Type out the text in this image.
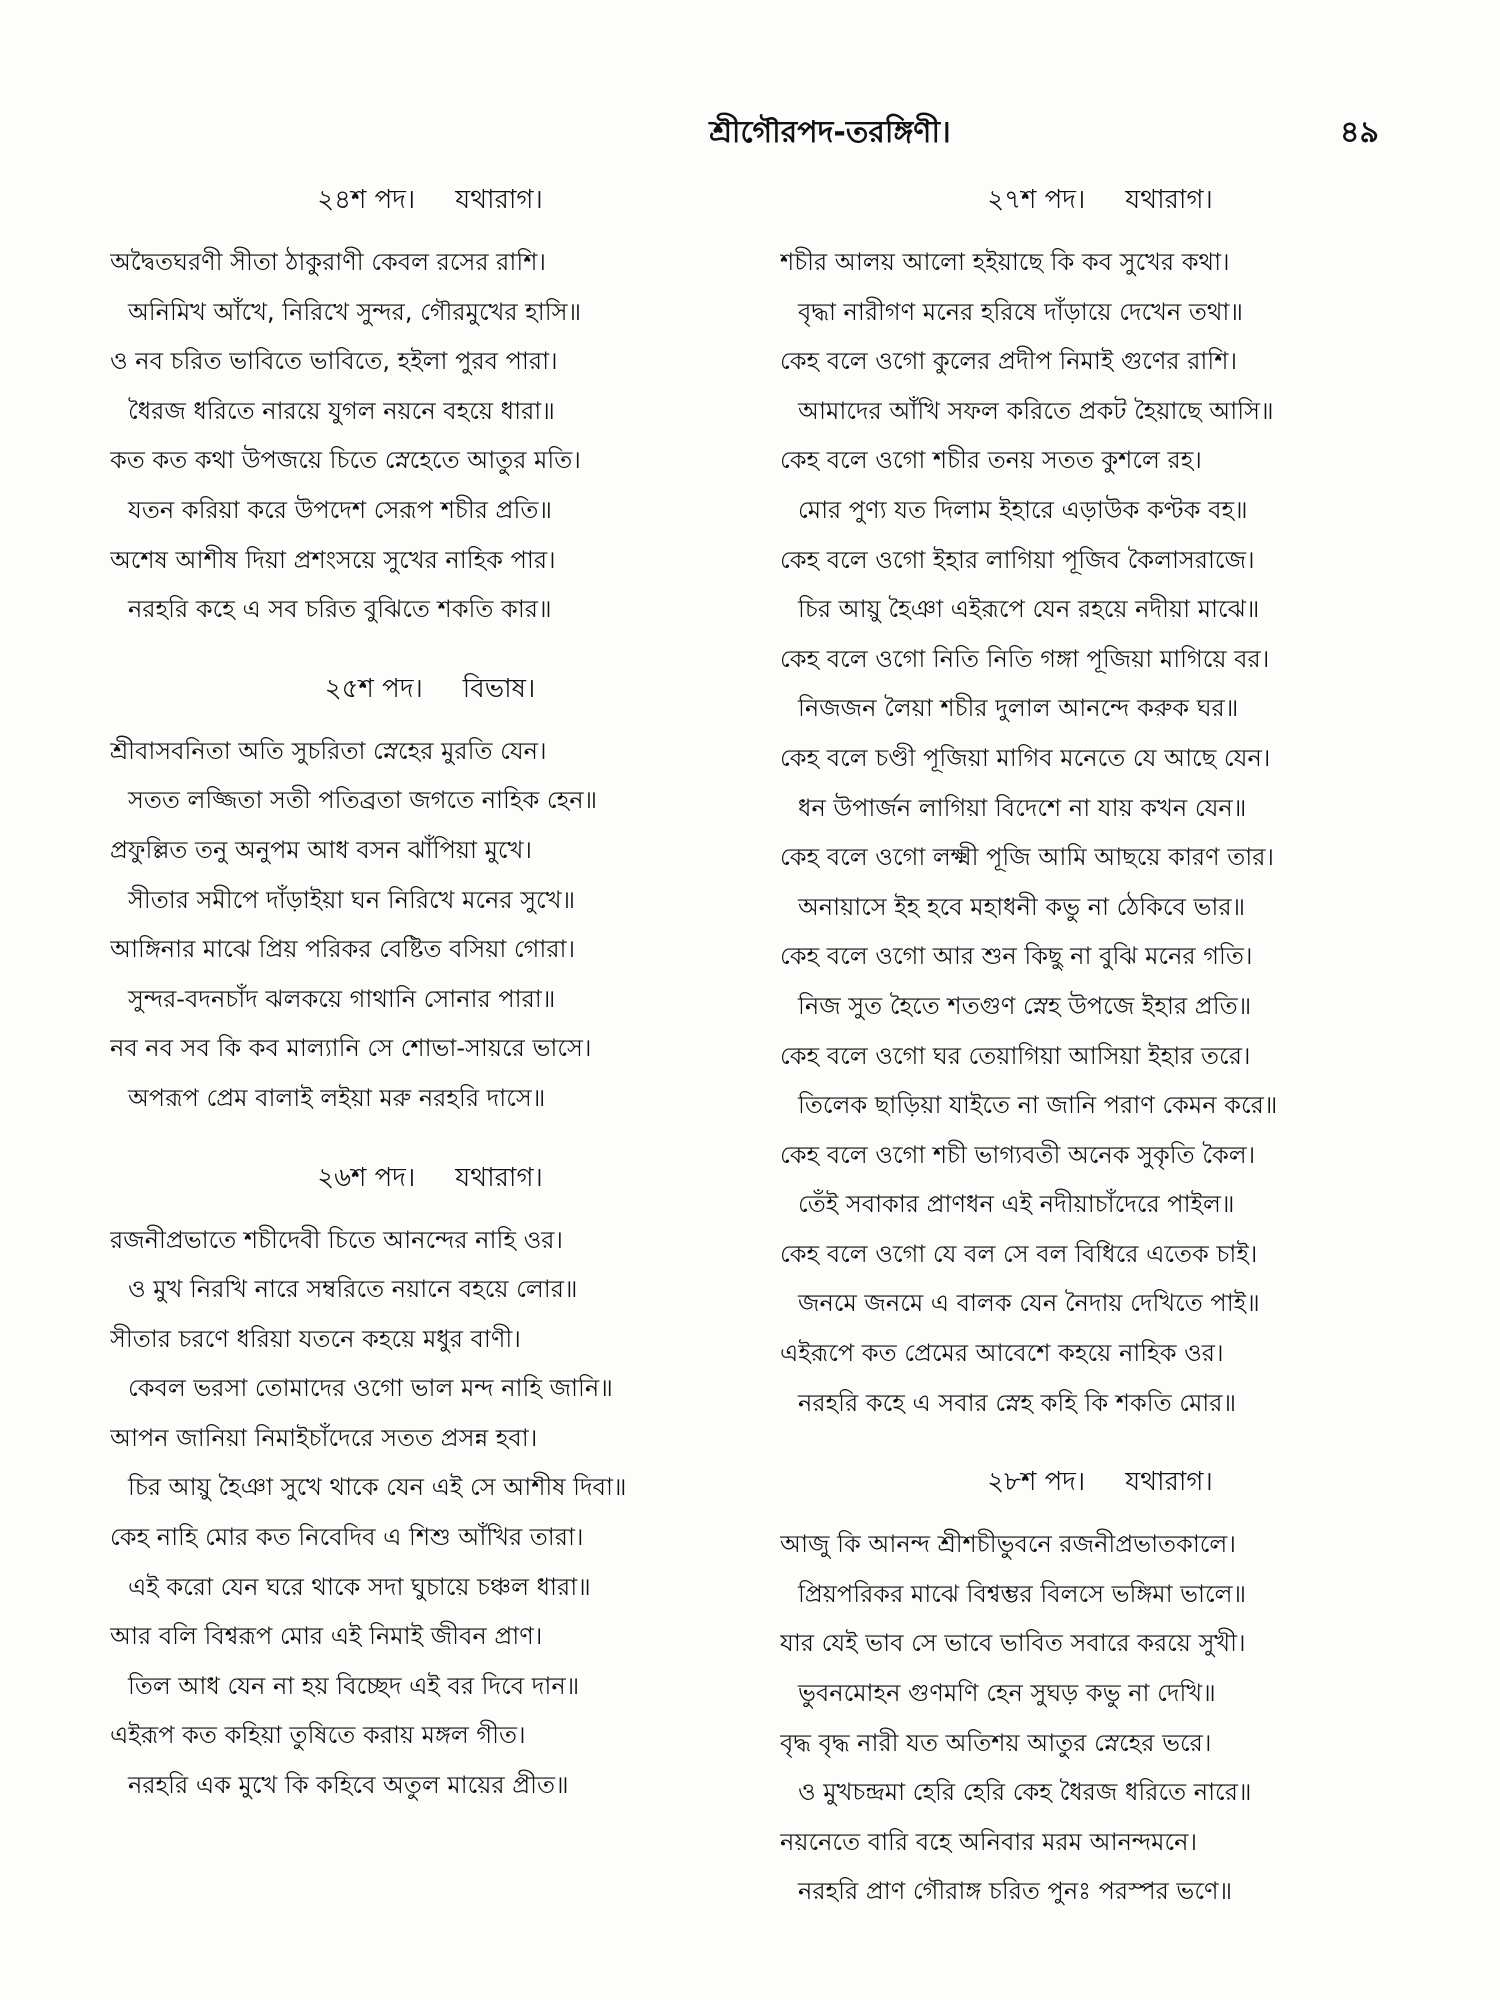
শ্রীগৌরপদ-তরঙ্গিণী।	৪৯
২৪শ পদ। যথারাগ।
অদ্বৈতঘরণী সীতা ঠাকুরাণী কেবল রসের রাশি।
অনিমিখ আঁখে, নিরিখে সুন্দর, গৌরমুখের হাসি॥
ও নব চরিত ভাবিতে ভাবিতে, হইলা পুরব পারা।
ধৈরজ ধরিতে নারয়ে যুগল নয়নে বহয়ে ধারা॥
কত কত কথা উপজয়ে চিতে স্নেহেতে আতুর মতি।
যতন করিয়া করে উপদেশ সেরূপ শচীর প্রতি॥
অশেষ আশীষ দিয়া প্রশংসয়ে সুখের নাহিক পার।
নরহরি কহে এ সব চরিত বুঝিতে শকতি কার॥
২৫শ পদ। বিভাষ।
শ্রীবাসবনিতা অতি সুচরিতা স্নেহের মুরতি যেন।
সতত লজ্জিতা সতী পতিব্রতা জগতে নাহিক হেন॥
প্রফুল্লিত তনু অনুপম আধ বসন ঝাঁপিয়া মুখে।
সীতার সমীপে দাঁড়াইয়া ঘন নিরিখে মনের সুখে॥
আঙ্গিনার মাঝে প্রিয় পরিকর বেষ্টিত বসিয়া গোরা।
সুন্দর-বদনচাঁদ ঝলকয়ে গাথানি সোনার পারা॥
নব নব সব কি কব মাল্যানি সে শোভা-সায়রে ভাসে।
অপরূপ প্রেম বালাই লইয়া মরু নরহরি দাসে॥
২৬শ পদ। যথারাগ।
রজনীপ্রভাতে শচীদেবী চিতে আনন্দের নাহি ওর।
ও মুখ নিরখি নারে সম্বরিতে নয়ানে বহয়ে লোর॥
সীতার চরণে ধরিয়া যতনে কহয়ে মধুর বাণী।
কেবল ভরসা তোমাদের ওগো ভাল মন্দ নাহি জানি॥
আপন জানিয়া নিমাইচাঁদেরে সতত প্রসন্ন হবা।
চির আয়ু হৈঞা সুখে থাকে যেন এই সে আশীষ দিবা॥
কেহ নাহি মোর কত নিবেদিব এ শিশু আঁখির তারা।
এই করো যেন ঘরে থাকে সদা ঘুচায়ে চঞ্চল ধারা॥
আর বলি বিশ্বরূপ মোর এই নিমাই জীবন প্রাণ।
তিল আধ যেন না হয় বিচ্ছেদ এই বর দিবে দান॥
এইরূপ কত কহিয়া তুষিতে করায় মঙ্গল গীত।
নরহরি এক মুখে কি কহিবে অতুল মায়ের প্রীত॥
২৭শ পদ। যথারাগ।
শচীর আলয় আলো হইয়াছে কি কব সুখের কথা।
বৃদ্ধা নারীগণ মনের হরিষে দাঁড়ায়ে দেখেন তথা॥
কেহ বলে ওগো কুলের প্রদীপ নিমাই গুণের রাশি।
আমাদের আঁখি সফল করিতে প্রকট হৈয়াছে আসি॥
কেহ বলে ওগো শচীর তনয় সতত কুশলে রহ।
মোর পুণ্য যত দিলাম ইহারে এড়াউক কণ্টক বহ॥
কেহ বলে ওগো ইহার লাগিয়া পূজিব কৈলাসরাজে।
চির আয়ু হৈঞা এইরূপে যেন রহয়ে নদীয়া মাঝে॥
কেহ বলে ওগো নিতি নিতি গঙ্গা পূজিয়া মাগিয়ে বর।
নিজজন লৈয়া শচীর দুলাল আনন্দে করুক ঘর॥
কেহ বলে চণ্ডী পূজিয়া মাগিব মনেতে যে আছে যেন।
ধন উপার্জন লাগিয়া বিদেশে না যায় কখন যেন॥
কেহ বলে ওগো লক্ষ্মী পূজি আমি আছয়ে কারণ তার।
অনায়াসে ইহ হবে মহাধনী কভু না ঠেকিবে ভার॥
কেহ বলে ওগো আর শুন কিছু না বুঝি মনের গতি।
নিজ সুত হৈতে শতগুণ স্নেহ উপজে ইহার প্রতি॥
কেহ বলে ওগো ঘর তেয়াগিয়া আসিয়া ইহার তরে।
তিলেক ছাড়িয়া যাইতে না জানি পরাণ কেমন করে॥
কেহ বলে ওগো শচী ভাগ্যবতী অনেক সুকৃতি কৈল।
তেঁই সবাকার প্রাণধন এই নদীয়াচাঁদেরে পাইল॥
কেহ বলে ওগো যে বল সে বল বিধিরে এতেক চাই।
জনমে জনমে এ বালক যেন নৈদায় দেখিতে পাই॥
এইরূপে কত প্রেমের আবেশে কহয়ে নাহিক ওর।
নরহরি কহে এ সবার স্নেহ কহি কি শকতি মোর॥
২৮শ পদ। যথারাগ।
আজু কি আনন্দ শ্রীশচীভুবনে রজনীপ্রভাতকালে।
প্রিয়পরিকর মাঝে বিশ্বম্ভর বিলসে ভঙ্গিমা ভালে॥
যার যেই ভাব সে ভাবে ভাবিত সবারে করয়ে সুখী।
ভুবনমোহন গুণমণি হেন সুঘড় কভু না দেখি॥
বৃদ্ধ বৃদ্ধ নারী যত অতিশয় আতুর স্নেহের ভরে।
ও মুখচন্দ্রমা হেরি হেরি কেহ ধৈরজ ধরিতে নারে॥
নয়নেতে বারি বহে অনিবার মরম আনন্দমনে।
নরহরি প্রাণ গৌরাঙ্গ চরিত পুনঃ পরস্পর ভণে॥
